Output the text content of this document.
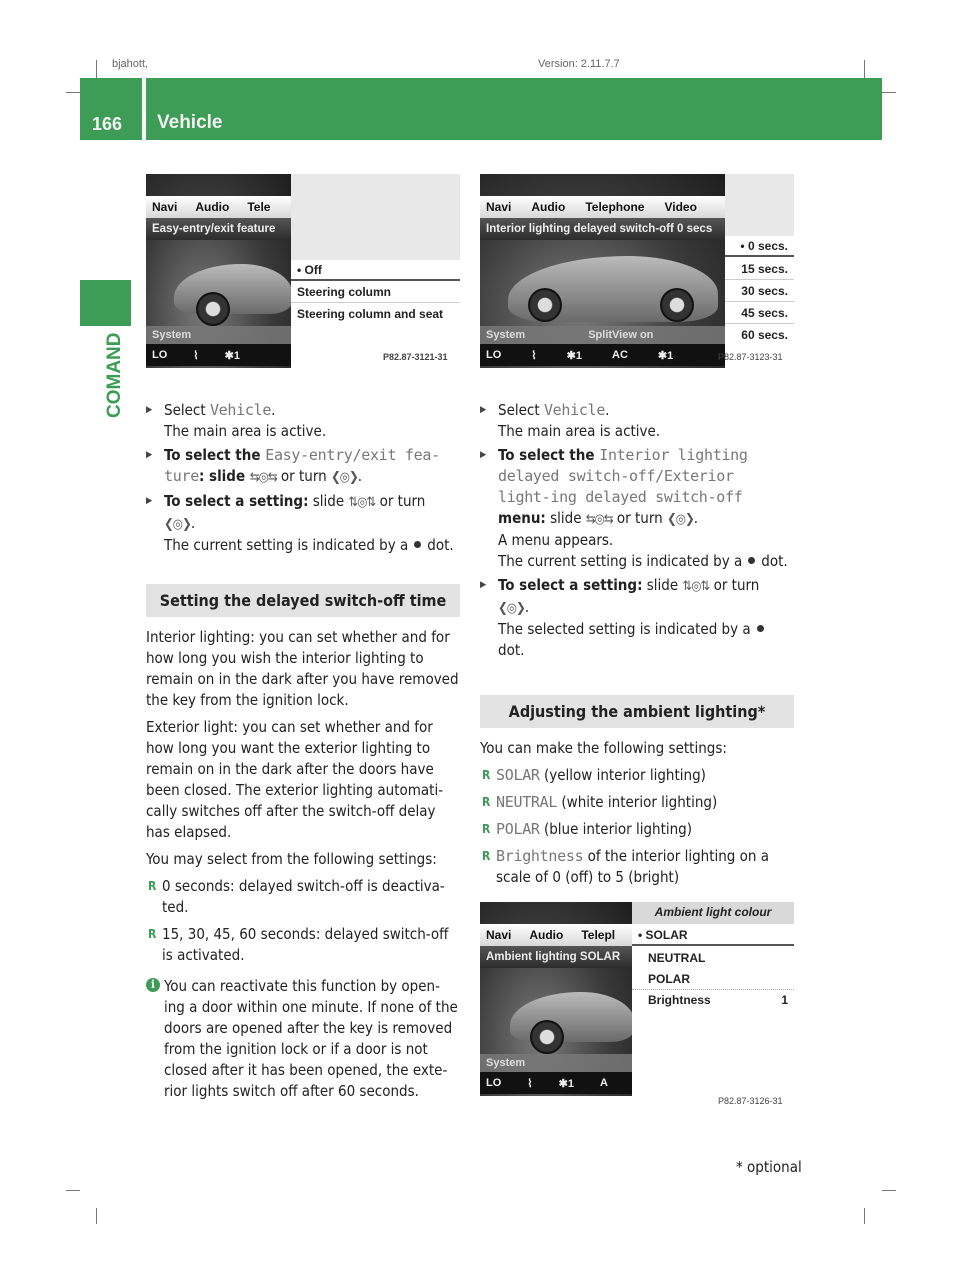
bjahott,	Version: 2.11.7.7
166 Vehicle
COMAND
Navi Audio Tele
Easy-entry/exit feature
System
LO ⌇ ✱1
• Off
Steering column
Steering column and seat
P82.87-3121-31
Navi Audio Telephone Video
Interior lighting delayed switch-off 0 secs
System	SplitView on
LO	⌇	✱1	AC	✱1
• 0 secs.
15 secs.
30 secs.
45 secs.
60 secs.
P82.87-3123-31
▶ Select Vehicle.
The main area is active.
▶ To select the Easy-entry/exit fea-ture: slide ⇆◎⇆ or turn ❮◎❯.
▶ To select a setting: slide ⇅◎⇅ or turn
❮◎❯.
The current setting is indicated by a dot.
Setting the delayed switch-off time

Interior lighting: you can set whether and for how long you wish the interior lighting to remain on in the dark after you have removed the key from the ignition lock.

Exterior light: you can set whether and for how long you want the exterior lighting to remain on in the dark after the doors have been closed. The exterior lighting automati-cally switches off after the switch-off delay has elapsed.

You may select from the following settings:

R 0 seconds: delayed switch-off is deactiva-ted.
R 15, 30, 45, 60 seconds: delayed switch-off is activated.
i You can reactivate this function by open-ing a door within one minute. If none of the doors are opened after the key is removed from the ignition lock or if a door is not closed after it has been opened, the exte-rior lights switch off after 60 seconds.
▶ Select Vehicle.
The main area is active.
▶ To select the Interior lighting delayed switch-off/Exterior light-ing delayed switch-off menu: slide ⇆◎⇆ or turn ❮◎❯.
A menu appears.
The current setting is indicated by a dot.
▶ To select a setting: slide ⇅◎⇅ or turn
❮◎❯.
The selected setting is indicated by a
dot.
Adjusting the ambient lighting*

You can make the following settings:

R SOLAR (yellow interior lighting)
R NEUTRAL (white interior lighting)
R POLAR (blue interior lighting)
R Brightness of the interior lighting on a scale of 0 (off) to 5 (bright)
Navi Audio Telepl
Ambient lighting SOLAR
System
LO ⌇ ✱1 A
Ambient light colour
• SOLAR
NEUTRAL
POLAR
Brightness	1
P82.87-3126-31
* optional
